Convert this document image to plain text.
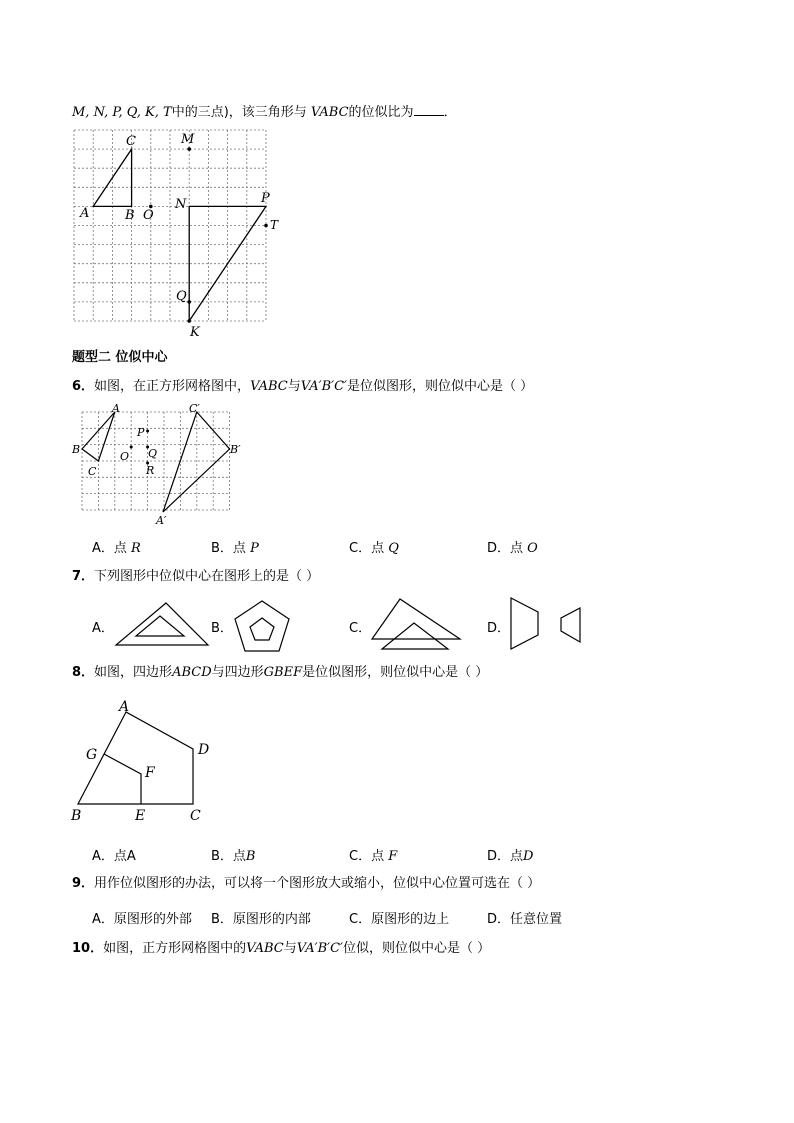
M, N, P, Q, K, T中的三点)，该三角形与 VABC的位似比为 ．
A	B
C
O
M
N	P
T
Q
K
题型二 位似中心
6．如图，在正方形网格图中，VABC与VA′B′C′是位似图形，则位似中心是（ ）
A
B
C
O
P
Q
R
C′
B′
A′
A．点 R	B．点 P	C．点 Q	D．点 O
7．下列图形中位似中心在图形上的是（ ）
A．	B．	C．	D．
8．如图，四边形ABCD与四边形GBEF是位似图形，则位似中心是（ ）
A
B	C
D
E
F
G
A．点A	B．点B	C．点 F	D．点D
9．用作位似图形的办法，可以将一个图形放大或缩小，位似中心位置可选在（ ）
A．原图形的外部 B．原图形的内部	C．原图形的边上	D．任意位置
10．如图，正方形网格图中的VABC与VA′B′C′位似，则位似中心是（ ）
